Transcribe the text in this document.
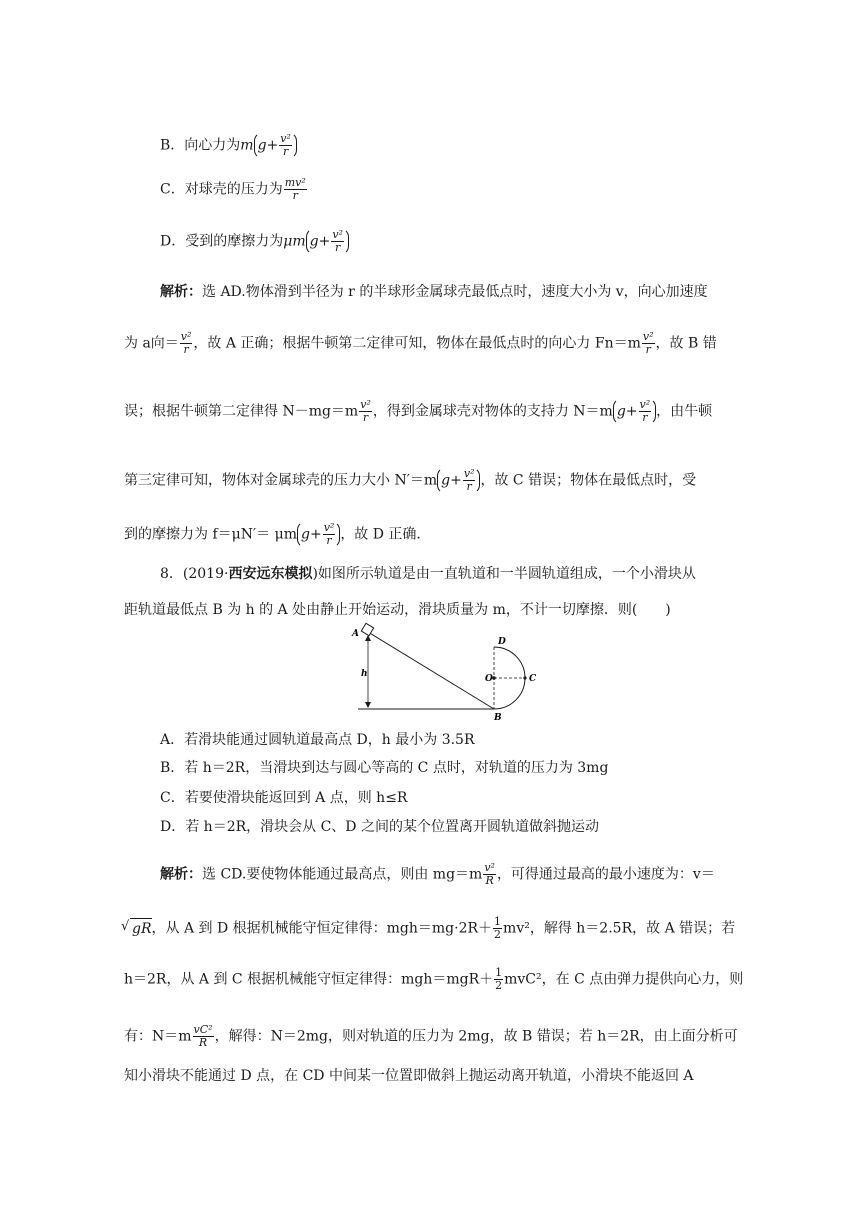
B．向心力为m $g+ \frac{\text{v²}}{r}$
C．对球壳的压力为 $\frac{\text{mv²}}{r}$
D．受到的摩擦力为μm $g+ \frac{\text{v²}}{r}$
解析：选 AD.物体滑到半径为 r 的半球形金属球壳最低点时，速度大小为 v，向心加速度
为 a向＝ $\frac{\text{v²}}{r}$ ，故 A 正确；根据牛顿第二定律可知，物体在最低点时的向心力 $Fn=m \frac{\text{v²}}{r}$ ，故 B 错
误；根据牛顿第二定律得 $N-mg=m \frac{\text{v²}}{r}$ ，得到金属球壳对物体的支持力 N＝m $g+ \frac{\text{v²}}{r}$ ，由牛顿
第三定律可知，物体对金属球壳的压力大小 N′＝m $g+ \frac{\text{v²}}{r}$ ，故 C 错误；物体在最低点时，受
到的摩擦力为 f＝μN′＝ μm $g+ \frac{\text{v²}}{r}$ ，故 D 正确.
8．(2019·西安远东模拟)如图所示轨道是由一直轨道和一半圆轨道组成，一个小滑块从
距轨道最低点 B 为 h 的 A 处由静止开始运动，滑块质量为 m，不计一切摩擦．则(　　)
A
h
B
O	C
D
A．若滑块能通过圆轨道最高点 D，h 最小为 3.5R
B．若 h＝2R，当滑块到达与圆心等高的 C 点时，对轨道的压力为 3mg
C．若要使滑块能返回到 A 点，则 h≤R
D．若 h＝2R，滑块会从 C、D 之间的某个位置离开圆轨道做斜抛运动
解析：选 CD.要使物体能通过最高点，则由 $mg=m \frac{\text{v²}}{R}$ ，可得通过最高的最小速度为：v＝
√ gR，从 A 到 D 根据机械能守恒定律得：$mgh=mg\cdot 2R+ \frac{1}{2} mv^2$，解得 h＝2.5R，故 A 错误；若
h＝2R，从 A 到 C 根据机械能守恒定律得：$mgh=mgR+ \frac{1}{2} mvC^2$，在 C 点由弹力提供向心力，则
有：$N=m \frac{\text{vC²}}{R}$ ，解得：N＝2mg，则对轨道的压力为 2mg，故 B 错误；若 h＝2R，由上面分析可
知小滑块不能通过 D 点，在 CD 中间某一位置即做斜上抛运动离开轨道，小滑块不能返回 A
